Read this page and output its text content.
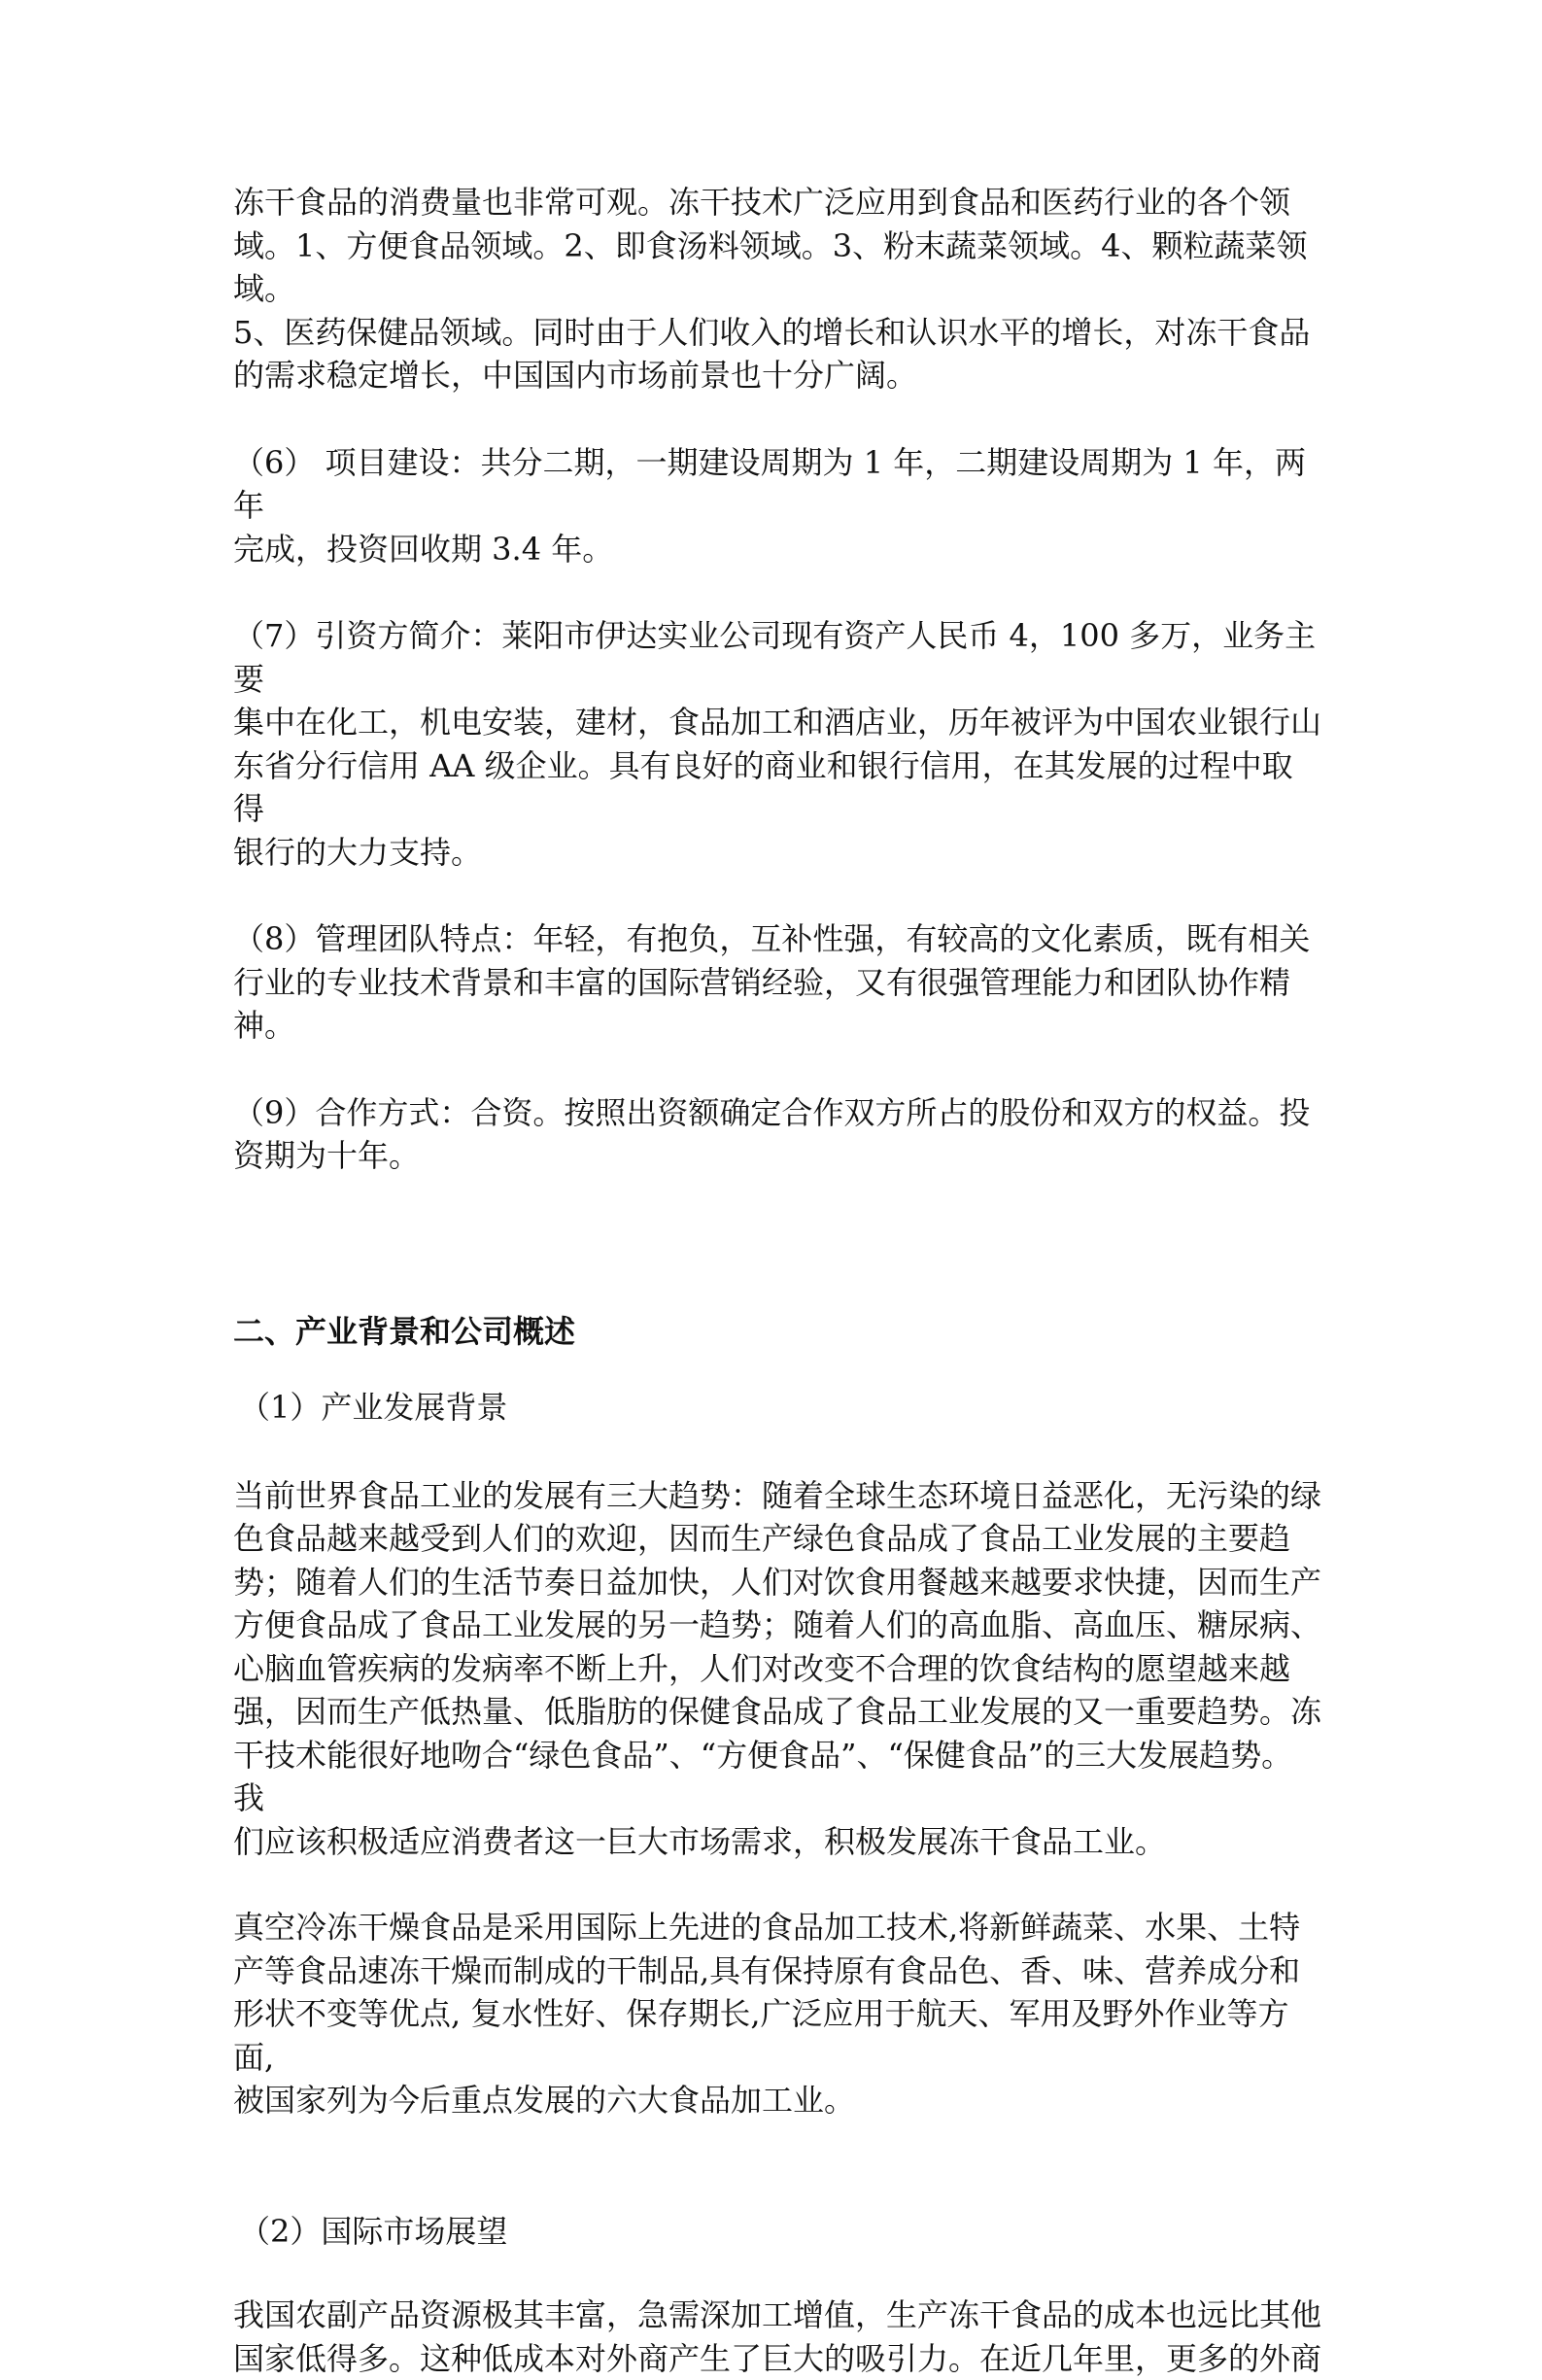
冻干食品的消费量也非常可观。冻干技术广泛应用到食品和医药行业的各个领
域。1、方便食品领域。2、即食汤料领域。3、粉末蔬菜领域。4、颗粒蔬菜领域。
5、医药保健品领域。同时由于人们收入的增长和认识水平的增长，对冻干食品
的需求稳定增长，中国国内市场前景也十分广阔。

（6） 项目建设：共分二期，一期建设周期为 1 年，二期建设周期为 1 年，两年
完成，投资回收期 3.4 年。

（7）引资方简介：莱阳市伊达实业公司现有资产人民币 4，100 多万，业务主要
集中在化工，机电安装，建材，食品加工和酒店业，历年被评为中国农业银行山
东省分行信用 AA 级企业。具有良好的商业和银行信用，在其发展的过程中取得
银行的大力支持。

（8）管理团队特点：年轻，有抱负，互补性强，有较高的文化素质，既有相关
行业的专业技术背景和丰富的国际营销经验，又有很强管理能力和团队协作精
神。

（9）合作方式：合资。按照出资额确定合作双方所占的股份和双方的权益。投
资期为十年。

二、产业背景和公司概述

（1）产业发展背景

当前世界食品工业的发展有三大趋势：随着全球生态环境日益恶化，无污染的绿
色食品越来越受到人们的欢迎，因而生产绿色食品成了食品工业发展的主要趋
势；随着人们的生活节奏日益加快，人们对饮食用餐越来越要求快捷，因而生产
方便食品成了食品工业发展的另一趋势；随着人们的高血脂、高血压、糖尿病、
心脑血管疾病的发病率不断上升，人们对改变不合理的饮食结构的愿望越来越
强，因而生产低热量、低脂肪的保健食品成了食品工业发展的又一重要趋势。冻
干技术能很好地吻合“绿色食品”、“方便食品”、“保健食品”的三大发展趋势。我
们应该积极适应消费者这一巨大市场需求，积极发展冻干食品工业。

真空冷冻干燥食品是采用国际上先进的食品加工技术,将新鲜蔬菜、水果、土特
产等食品速冻干燥而制成的干制品,具有保持原有食品色、香、味、营养成分和
形状不变等优点, 复水性好、保存期长,广泛应用于航天、军用及野外作业等方面,
被国家列为今后重点发展的六大食品加工业。

（2）国际市场展望

我国农副产品资源极其丰富，急需深加工增值，生产冻干食品的成本也远比其他
国家低得多。这种低成本对外商产生了巨大的吸引力。在近几年里，更多的外商
